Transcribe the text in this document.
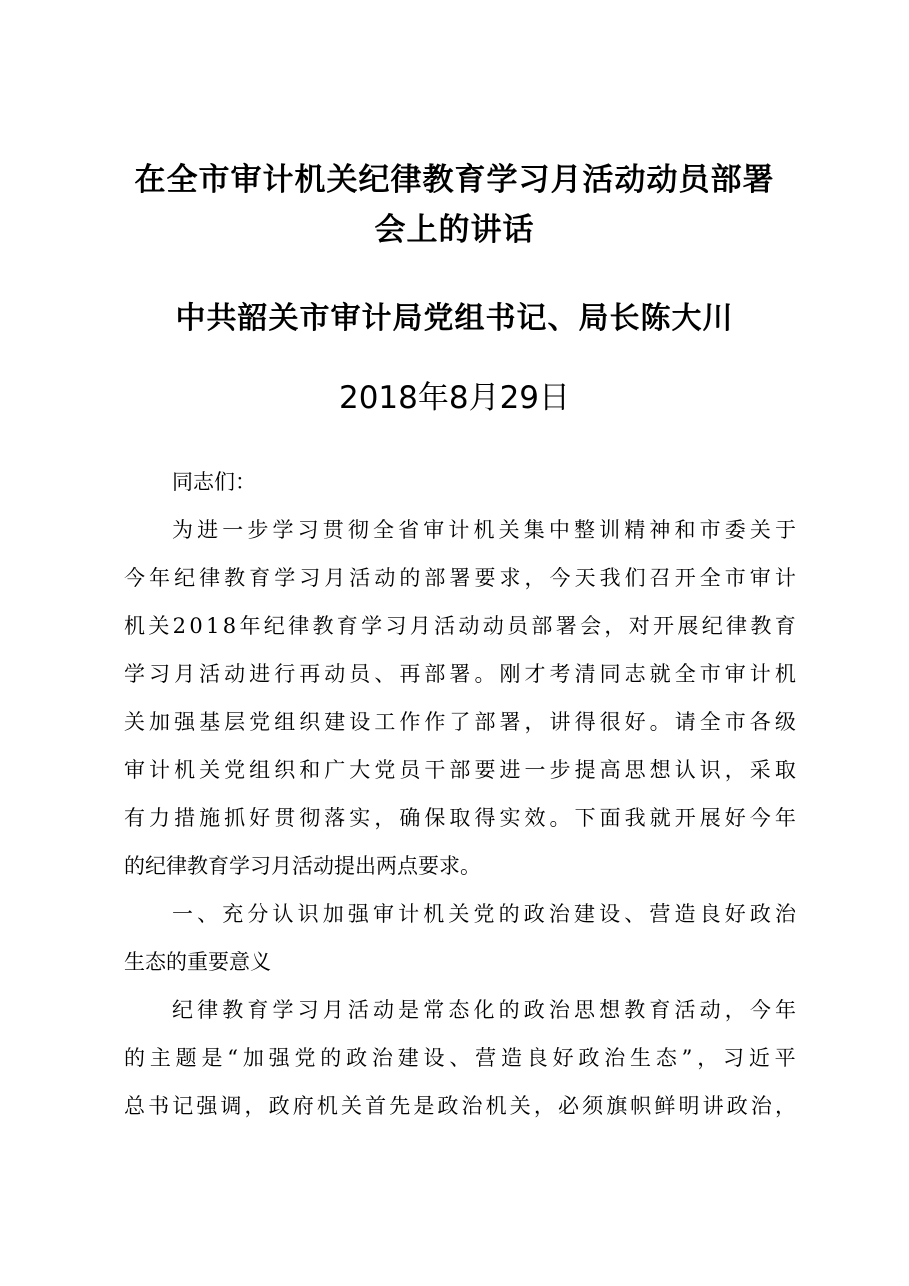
在全市审计机关纪律教育学习月活动动员部署
会上的讲话
中共韶关市审计局党组书记、局长陈大川
2018年8月29日
同志们：
为 进 一 步 学 习 贯 彻 全 省 审 计 机 关 集 中 整 训 精 神 和 市 委 关 于
今 年 纪 律 教 育 学 习 月 活 动 的 部 署 要 求 ， 今 天 我 们 召 开 全 市 审 计
机 关 2 0 1 8 年 纪 律 教 育 学 习 月 活 动 动 员 部 署 会 ， 对 开 展 纪 律 教 育
学 习 月 活 动 进 行 再 动 员 、 再 部 署 。 刚 才 考 清 同 志 就 全 市 审 计 机
关 加 强 基 层 党 组 织 建 设 工 作 作 了 部 署 ， 讲 得 很 好 。 请 全 市 各 级
审 计 机 关 党 组 织 和 广 大 党 员 干 部 要 进 一 步 提 高 思 想 认 识 ， 采 取
有 力 措 施 抓 好 贯 彻 落 实 ， 确 保 取 得 实 效 。 下 面 我 就 开 展 好 今 年
的纪律教育学习月活动提出两点要求。
一 、 充 分 认 识 加 强 审 计 机 关 党 的 政 治 建 设 、 营 造 良 好 政 治
生态的重要意义
纪 律 教 育 学 习 月 活 动 是 常 态 化 的 政 治 思 想 教 育 活 动 ， 今 年
的 主 题 是 “ 加 强 党 的 政 治 建 设 、 营 造 良 好 政 治 生 态 ” ， 习 近 平
总 书 记 强 调 ， 政 府 机 关 首 先 是 政 治 机 关 ， 必 须 旗 帜 鲜 明 讲 政 治 ，
